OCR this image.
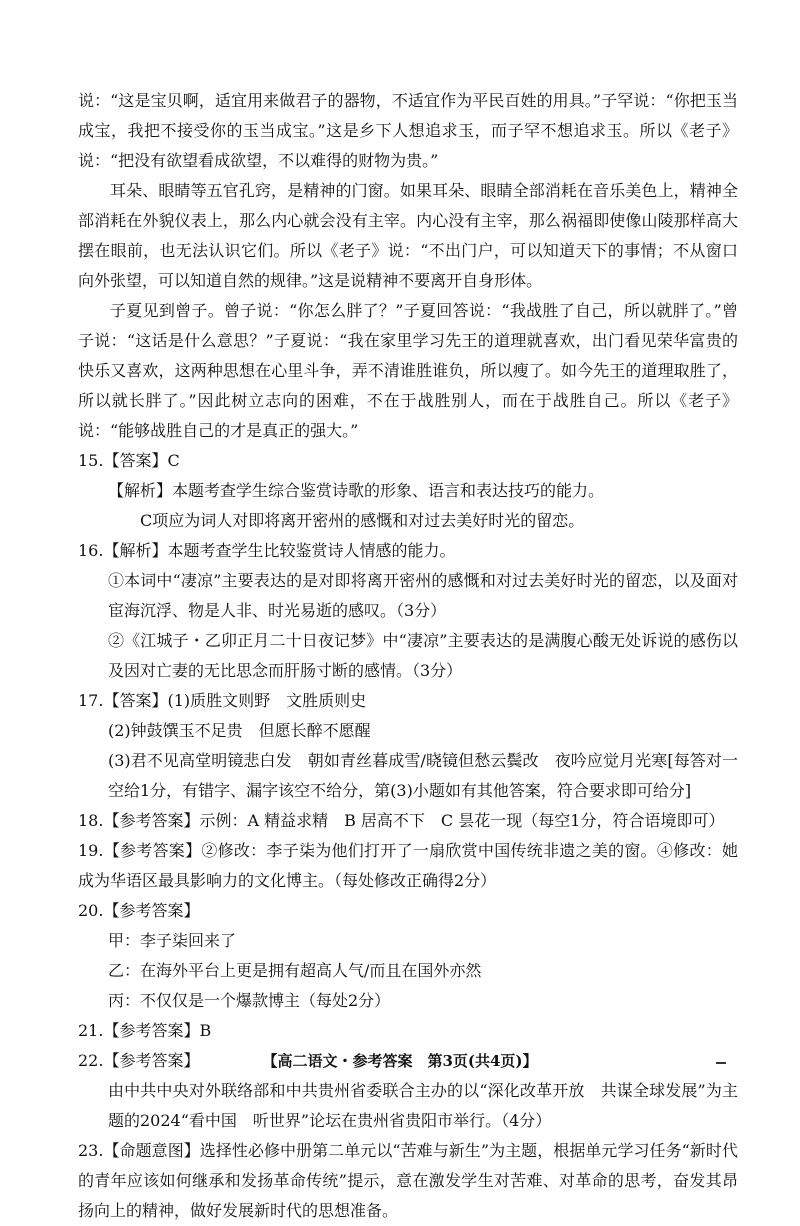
说：“这是宝贝啊，适宜用来做君子的器物，不适宜作为平民百姓的用具。”子罕说：“你把玉当成宝，我把不接受你的玉当成宝。”这是乡下人想追求玉，而子罕不想追求玉。所以《老子》说：“把没有欲望看成欲望，不以难得的财物为贵。”

耳朵、眼睛等五官孔窍，是精神的门窗。如果耳朵、眼睛全部消耗在音乐美色上，精神全部消耗在外貌仪表上，那么内心就会没有主宰。内心没有主宰，那么祸福即使像山陵那样高大摆在眼前，也无法认识它们。所以《老子》说：“不出门户，可以知道天下的事情；不从窗口向外张望，可以知道自然的规律。”这是说精神不要离开自身形体。

子夏见到曾子。曾子说：“你怎么胖了？”子夏回答说：“我战胜了自己，所以就胖了。”曾子说：“这话是什么意思？”子夏说：“我在家里学习先王的道理就喜欢，出门看见荣华富贵的快乐又喜欢，这两种思想在心里斗争，弄不清谁胜谁负，所以瘦了。如今先王的道理取胜了，所以就长胖了。”因此树立志向的困难，不在于战胜别人，而在于战胜自己。所以《老子》说：“能够战胜自己的才是真正的强大。”

15.【答案】C

【解析】本题考查学生综合鉴赏诗歌的形象、语言和表达技巧的能力。

C项应为词人对即将离开密州的感慨和对过去美好时光的留恋。

16.【解析】本题考查学生比较鉴赏诗人情感的能力。

①本词中“凄凉”主要表达的是对即将离开密州的感慨和对过去美好时光的留恋，以及面对宦海沉浮、物是人非、时光易逝的感叹。（3分）

②《江城子・乙卯正月二十日夜记梦》中“凄凉”主要表达的是满腹心酸无处诉说的感伤以及因对亡妻的无比思念而肝肠寸断的感情。（3分）

17.【答案】(1)质胜文则野　文胜质则史

(2)钟鼓馔玉不足贵　但愿长醉不愿醒

(3)君不见高堂明镜悲白发　朝如青丝暮成雪/晓镜但愁云鬓改　夜吟应觉月光寒[每答对一空给1分，有错字、漏字该空不给分，第(3)小题如有其他答案，符合要求即可给分]

18.【参考答案】示例：A 精益求精　B 居高不下　C 昙花一现（每空1分，符合语境即可）

19.【参考答案】②修改：李子柒为他们打开了一扇欣赏中国传统非遗之美的窗。④修改：她成为华语区最具影响力的文化博主。（每处修改正确得2分）

20.【参考答案】

甲：李子柒回来了

乙：在海外平台上更是拥有超高人气/而且在国外亦然

丙：不仅仅是一个爆款博主（每处2分）

21.【参考答案】B

22.【参考答案】

由中共中央对外联络部和中共贵州省委联合主办的以“深化改革开放　共谋全球发展”为主题的2024“看中国　听世界”论坛在贵州省贵阳市举行。（4分）

23.【命题意图】选择性必修中册第二单元以“苦难与新生”为主题，根据单元学习任务“新时代的青年应该如何继承和发扬革命传统”提示，意在激发学生对苦难、对革命的思考，奋发其昂扬向上的精神，做好发展新时代的思想准备。

【高二语文・参考答案　第3页(共4页)】
